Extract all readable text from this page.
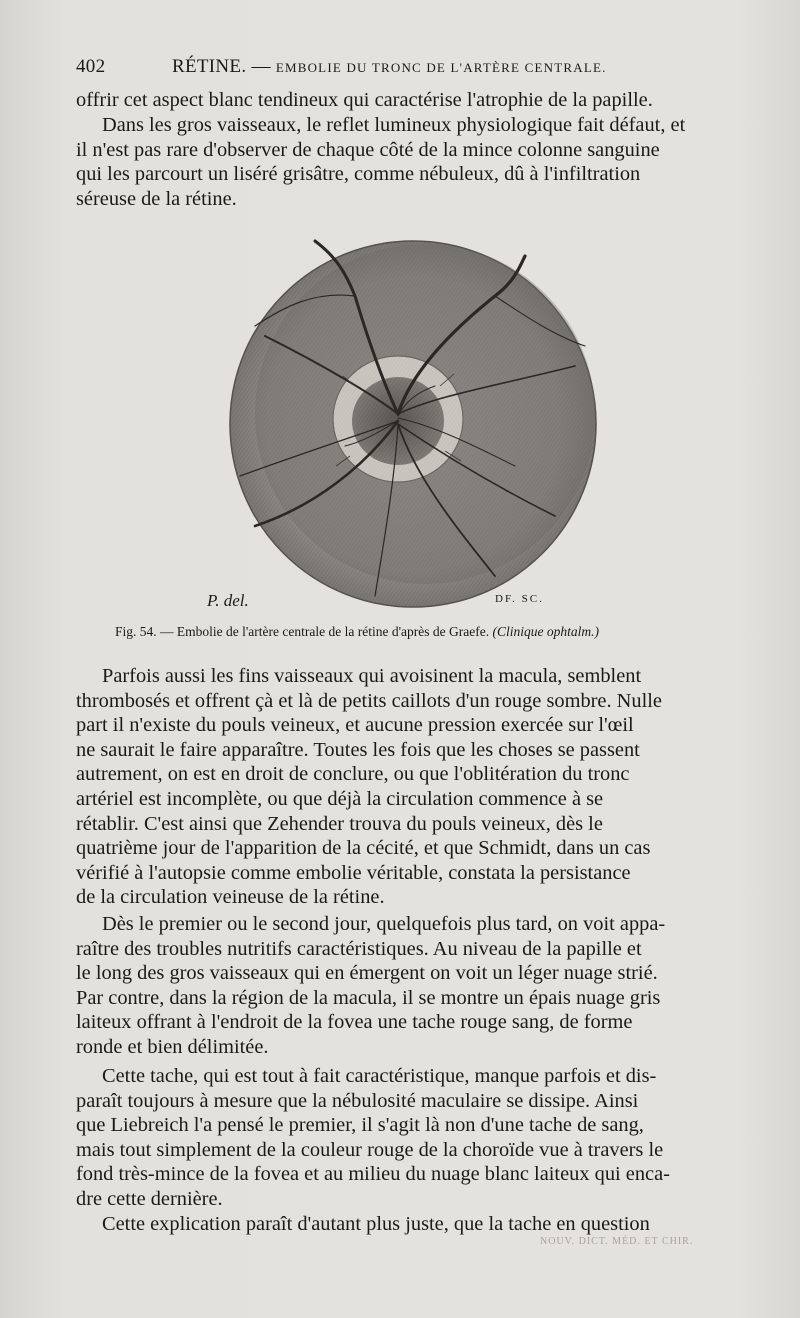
402	RÉTINE. — EMBOLIE DU TRONC DE L'ARTÈRE CENTRALE.
offrir cet aspect blanc tendineux qui caractérise l'atrophie de la papille.
Dans les gros vaisseaux, le reflet lumineux physiologique fait défaut, et
il n'est pas rare d'observer de chaque côté de la mince colonne sanguine
qui les parcourt un liséré grisâtre, comme nébuleux, dû à l'infiltration
séreuse de la rétine.
P. del.	DF. SC.
Fig. 54. — Embolie de l'artère centrale de la rétine d'après de Graefe. (Clinique ophtalm.)
Parfois aussi les fins vaisseaux qui avoisinent la macula, semblent
thrombosés et offrent çà et là de petits caillots d'un rouge sombre. Nulle
part il n'existe du pouls veineux, et aucune pression exercée sur l'œil
ne saurait le faire apparaître. Toutes les fois que les choses se passent
autrement, on est en droit de conclure, ou que l'oblitération du tronc
artériel est incomplète, ou que déjà la circulation commence à se
rétablir. C'est ainsi que Zehender trouva du pouls veineux, dès le
quatrième jour de l'apparition de la cécité, et que Schmidt, dans un cas
vérifié à l'autopsie comme embolie véritable, constata la persistance
de la circulation veineuse de la rétine.
Dès le premier ou le second jour, quelquefois plus tard, on voit appa-
raître des troubles nutritifs caractéristiques. Au niveau de la papille et
le long des gros vaisseaux qui en émergent on voit un léger nuage strié.
Par contre, dans la région de la macula, il se montre un épais nuage gris
laiteux offrant à l'endroit de la fovea une tache rouge sang, de forme
ronde et bien délimitée.
Cette tache, qui est tout à fait caractéristique, manque parfois et dis-
paraît toujours à mesure que la nébulosité maculaire se dissipe. Ainsi
que Liebreich l'a pensé le premier, il s'agit là non d'une tache de sang,
mais tout simplement de la couleur rouge de la choroïde vue à travers le
fond très-mince de la fovea et au milieu du nuage blanc laiteux qui enca-
dre cette dernière.
Cette explication paraît d'autant plus juste, que la tache en question
NOUV. DICT. MÉD. ET CHIR.
